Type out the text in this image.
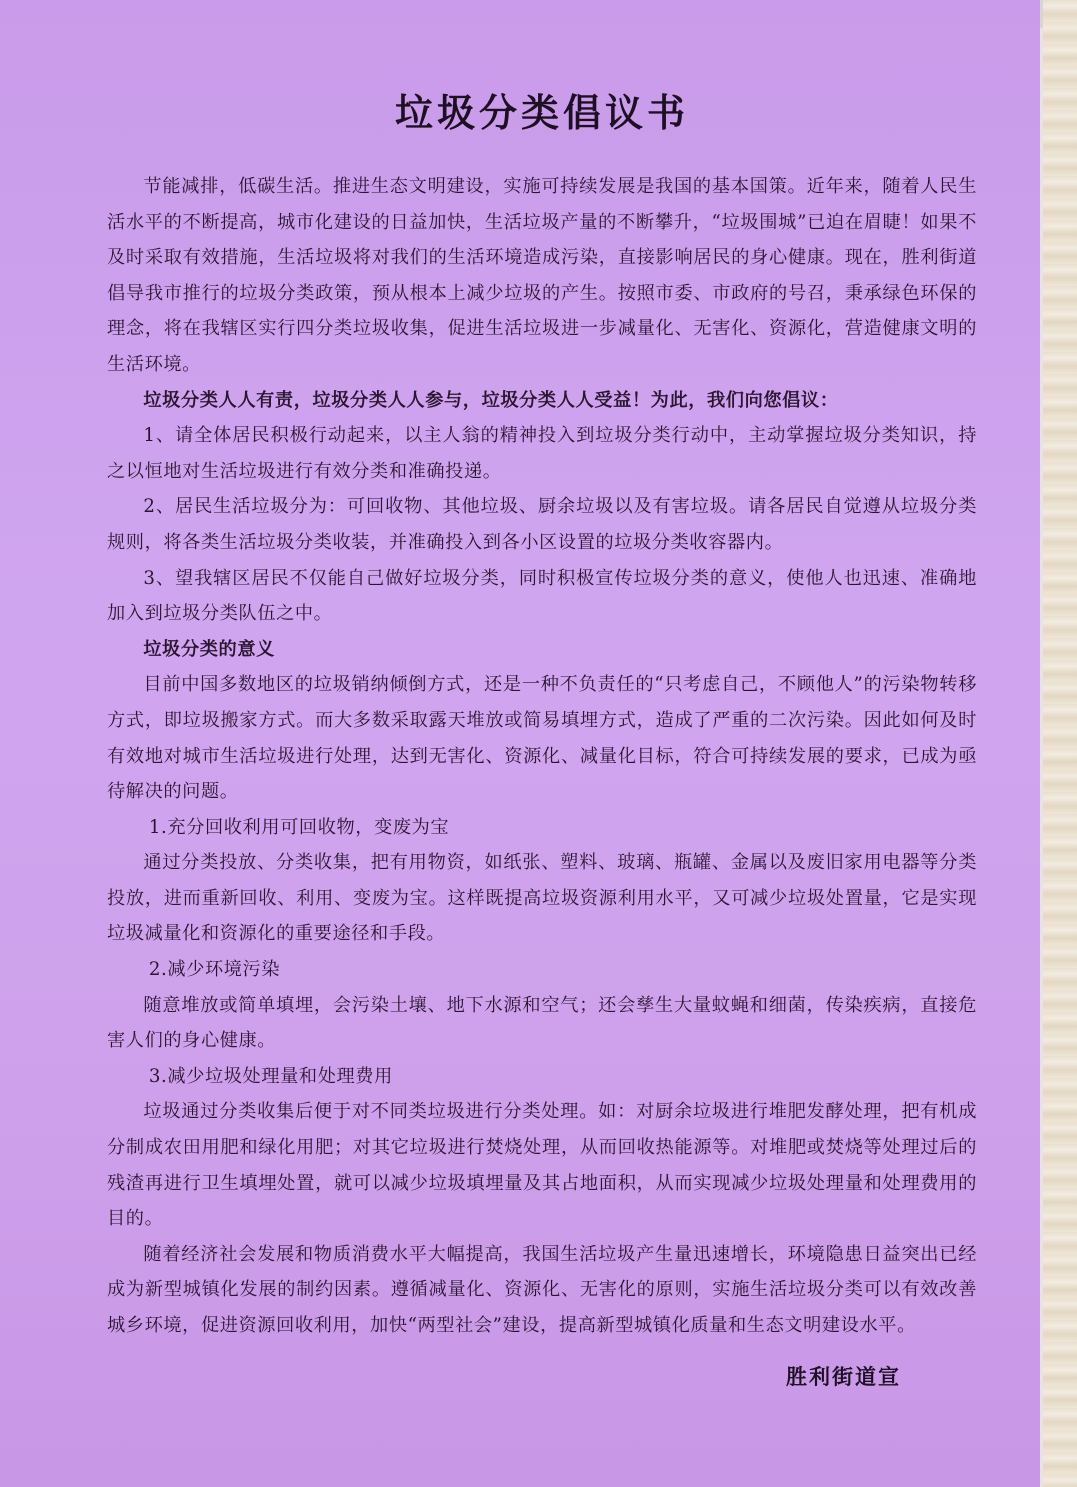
垃圾分类倡议书

节能减排，低碳生活。推进生态文明建设，实施可持续发展是我国的基本国策。近年来，随着人民生活水平的不断提高，城市化建设的日益加快，生活垃圾产量的不断攀升，“垃圾围城”已迫在眉睫！如果不及时采取有效措施，生活垃圾将对我们的生活环境造成污染，直接影响居民的身心健康。现在，胜利街道倡导我市推行的垃圾分类政策，预从根本上减少垃圾的产生。按照市委、市政府的号召，秉承绿色环保的理念，将在我辖区实行四分类垃圾收集，促进生活垃圾进一步减量化、无害化、资源化，营造健康文明的生活环境。

垃圾分类人人有责，垃圾分类人人参与，垃圾分类人人受益！为此，我们向您倡议：

1、请全体居民积极行动起来，以主人翁的精神投入到垃圾分类行动中，主动掌握垃圾分类知识，持之以恒地对生活垃圾进行有效分类和准确投递。

2、居民生活垃圾分为：可回收物、其他垃圾、厨余垃圾以及有害垃圾。请各居民自觉遵从垃圾分类规则，将各类生活垃圾分类收装，并准确投入到各小区设置的垃圾分类收容器内。

3、望我辖区居民不仅能自己做好垃圾分类，同时积极宣传垃圾分类的意义，使他人也迅速、准确地加入到垃圾分类队伍之中。

垃圾分类的意义

目前中国多数地区的垃圾销纳倾倒方式，还是一种不负责任的“只考虑自己，不顾他人”的污染物转移方式，即垃圾搬家方式。而大多数采取露天堆放或简易填埋方式，造成了严重的二次污染。因此如何及时有效地对城市生活垃圾进行处理，达到无害化、资源化、减量化目标，符合可持续发展的要求，已成为亟待解决的问题。

1.充分回收利用可回收物，变废为宝

通过分类投放、分类收集，把有用物资，如纸张、塑料、玻璃、瓶罐、金属以及废旧家用电器等分类投放，进而重新回收、利用、变废为宝。这样既提高垃圾资源利用水平，又可减少垃圾处置量，它是实现垃圾减量化和资源化的重要途径和手段。

2.减少环境污染

随意堆放或简单填埋，会污染土壤、地下水源和空气；还会孳生大量蚊蝇和细菌，传染疾病，直接危害人们的身心健康。

3.减少垃圾处理量和处理费用

垃圾通过分类收集后便于对不同类垃圾进行分类处理。如：对厨余垃圾进行堆肥发酵处理，把有机成分制成农田用肥和绿化用肥；对其它垃圾进行焚烧处理，从而回收热能源等。对堆肥或焚烧等处理过后的残渣再进行卫生填埋处置，就可以减少垃圾填埋量及其占地面积，从而实现减少垃圾处理量和处理费用的目的。

随着经济社会发展和物质消费水平大幅提高，我国生活垃圾产生量迅速增长，环境隐患日益突出已经成为新型城镇化发展的制约因素。遵循减量化、资源化、无害化的原则，实施生活垃圾分类可以有效改善城乡环境，促进资源回收利用，加快“两型社会”建设，提高新型城镇化质量和生态文明建设水平。

胜利街道宣
